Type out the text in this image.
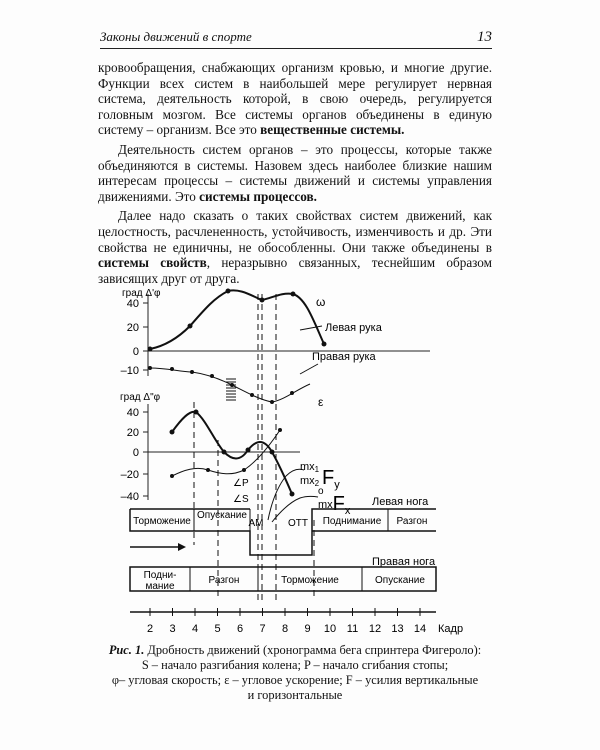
Законы движений в спорте	13

кровообращения, снабжающих организм кровью, и многие другие. Функции всех систем в наибольшей мере регулирует нервная система, деятельность которой, в свою очередь, регулируется головным мозгом. Все системы органов объединены в единую систему – организм. Все это вещественные системы.

Деятельность систем органов – это процессы, которые также объединяются в системы. Назовем здесь наиболее близкие нашим интересам процессы – системы движений и системы управления движениями. Это системы процессов.

Далее надо сказать о таких свойствах систем движений, как целостность, расчлененность, устойчивость, изменчивость и др. Эти свойства не единичны, не обособленны. Они также объединены в системы свойств, неразрывно связанных, теснейшим образом зависящих друг от друга.

град Δ'φ
40
20
0
–10
ω
Левая рука
Правая рука
ε
град Δ"φ
40
20
0
–20
–40
mx1
mx2 $F_y$
o
mxFx
∠P
∠S	Левая нога
Торможение
Опускание
Поднимание Разгон
AM ОТТ
Правая нога
Подни-
мание
Разгон	Торможение	Опускание
2 3 4 5 6 7 8 9 10 11 12 13 14 Кадр
Рис. 1. Дробность движений (хронограмма бега спринтера Фигероло):
S – начало разгибания колена; P – начало сгибания стопы;
φ– угловая скорость; ε – угловое ускорение; F – усилия вертикальные
и горизонтальные
